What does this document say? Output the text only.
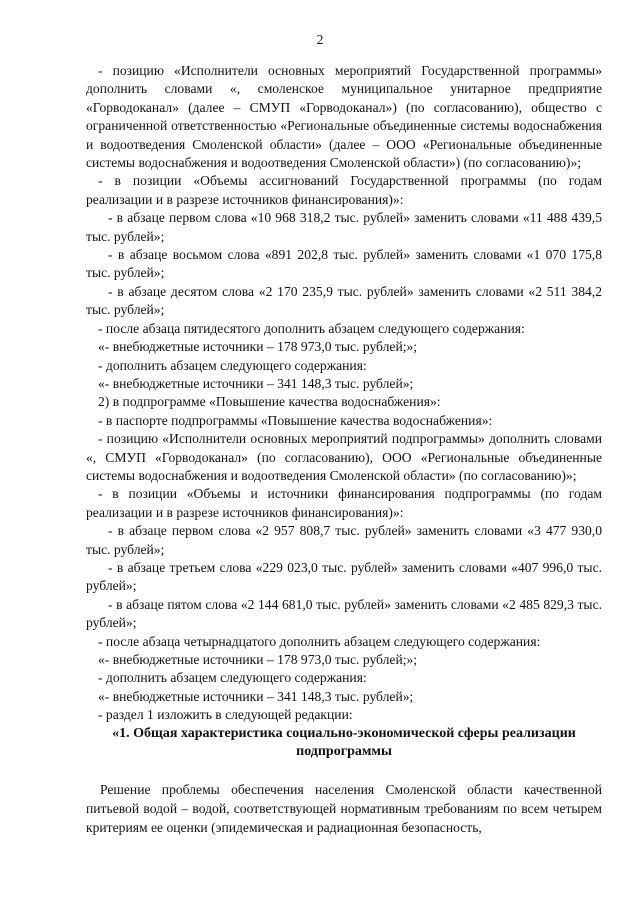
2

- позицию «Исполнители основных мероприятий Государственной программы» дополнить словами «, смоленское муниципальное унитарное предприятие «Горводоканал» (далее – СМУП «Горводоканал») (по согласованию), общество с ограниченной ответственностью «Региональные объединенные системы водоснабжения и водоотведения Смоленской области» (далее – ООО «Региональные объединенные системы водоснабжения и водоотведения Смоленской области») (по согласованию)»;

- в позиции «Объемы ассигнований Государственной программы (по годам реализации и в разрезе источников финансирования)»:

- в абзаце первом слова «10 968 318,2 тыс. рублей» заменить словами «11 488 439,5 тыс. рублей»;

- в абзаце восьмом слова «891 202,8 тыс. рублей» заменить словами «1 070 175,8 тыс. рублей»;

- в абзаце десятом слова «2 170 235,9 тыс. рублей» заменить словами «2 511 384,2 тыс. рублей»;

- после абзаца пятидесятого дополнить абзацем следующего содержания:

«- внебюджетные источники – 178 973,0 тыс. рублей;»;

- дополнить абзацем следующего содержания:

«- внебюджетные источники – 341 148,3 тыс. рублей»;

2) в подпрограмме «Повышение качества водоснабжения»:

- в паспорте подпрограммы «Повышение качества водоснабжения»:

- позицию «Исполнители основных мероприятий подпрограммы» дополнить словами «, СМУП «Горводоканал» (по согласованию), ООО «Региональные объединенные системы водоснабжения и водоотведения Смоленской области» (по согласованию)»;

- в позиции «Объемы и источники финансирования подпрограммы (по годам реализации и в разрезе источников финансирования)»:

- в абзаце первом слова «2 957 808,7 тыс. рублей» заменить словами «3 477 930,0 тыс. рублей»;

- в абзаце третьем слова «229 023,0 тыс. рублей» заменить словами «407 996,0 тыс. рублей»;

- в абзаце пятом слова «2 144 681,0 тыс. рублей» заменить словами «2 485 829,3 тыс. рублей»;

- после абзаца четырнадцатого дополнить абзацем следующего содержания:

«- внебюджетные источники – 178 973,0 тыс. рублей;»;

- дополнить абзацем следующего содержания:

«- внебюджетные источники – 341 148,3 тыс. рублей»;

- раздел 1 изложить в следующей редакции:

«1. Общая характеристика социально-экономической сферы реализации подпрограммы

Решение проблемы обеспечения населения Смоленской области качественной питьевой водой – водой, соответствующей нормативным требованиям по всем четырем критериям ее оценки (эпидемическая и радиационная безопасность,
